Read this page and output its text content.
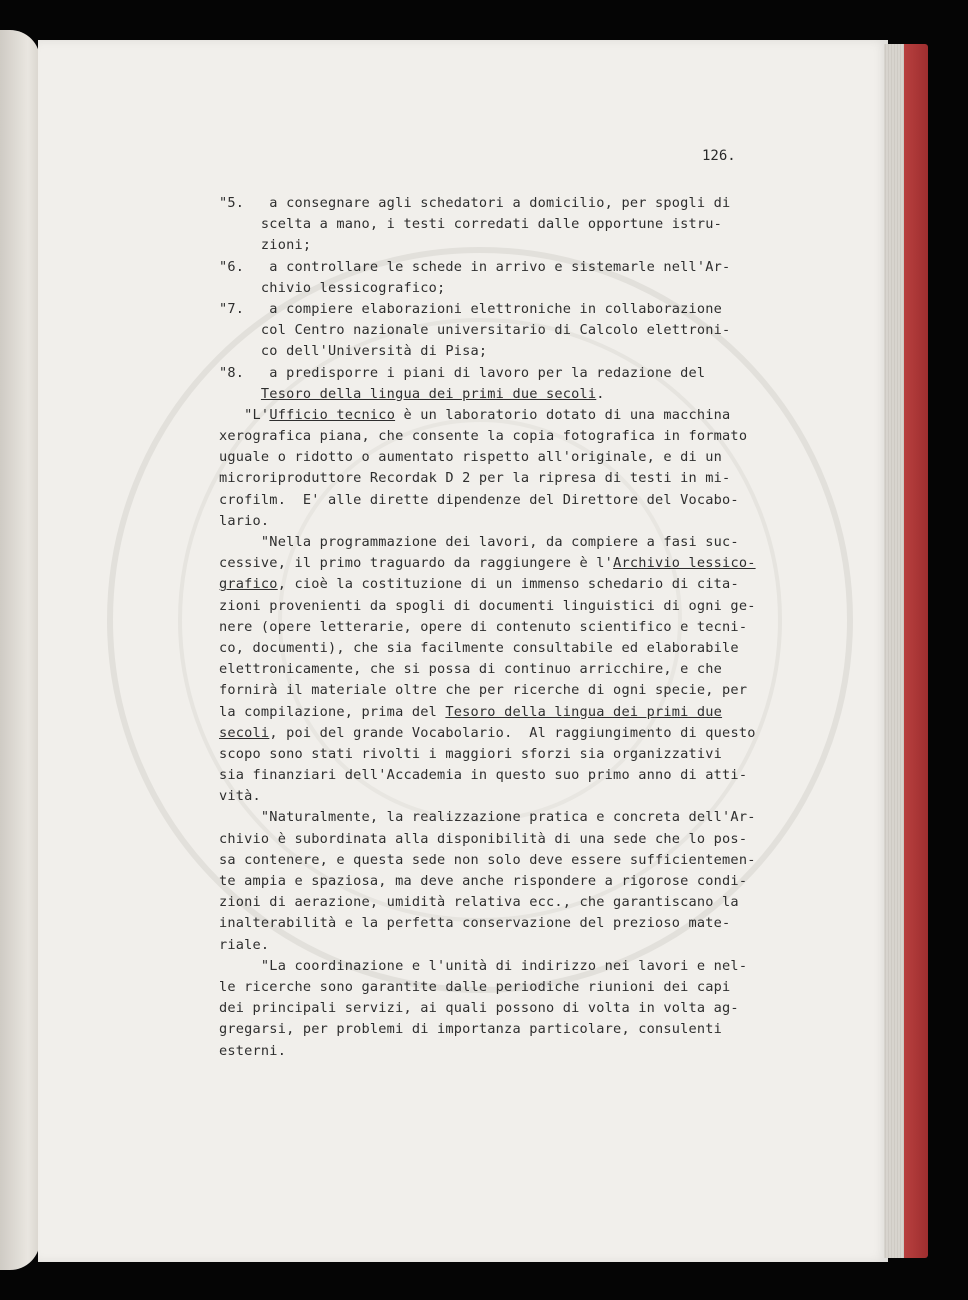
126.
"5.   a consegnare agli schedatori a domicilio, per spogli di
scelta a mano, i testi corredati dalle opportune istru-
zioni;
"6.   a controllare le schede in arrivo e sistemarle nell'Ar-
chivio lessicografico;
"7.   a compiere elaborazioni elettroniche in collaborazione
col Centro nazionale universitario di Calcolo elettroni-
co dell'Università di Pisa;
"8.   a predisporre i piani di lavoro per la redazione del
Tesoro della lingua dei primi due secoli.
"L'Ufficio tecnico è un laboratorio dotato di una macchina
xerografica piana, che consente la copia fotografica in formato
uguale o ridotto o aumentato rispetto all'originale, e di un
microriproduttore Recordak D 2 per la ripresa di testi in mi-
crofilm.  E' alle dirette dipendenze del Direttore del Vocabo-
lario.
"Nella programmazione dei lavori, da compiere a fasi suc-
cessive, il primo traguardo da raggiungere è l'Archivio lessico-
grafico, cioè la costituzione di un immenso schedario di cita-
zioni provenienti da spogli di documenti linguistici di ogni ge-
nere (opere letterarie, opere di contenuto scientifico e tecni-
co, documenti), che sia facilmente consultabile ed elaborabile
elettronicamente, che si possa di continuo arricchire, e che
fornirà il materiale oltre che per ricerche di ogni specie, per
la compilazione, prima del Tesoro della lingua dei primi due
secoli, poi del grande Vocabolario.  Al raggiungimento di questo
scopo sono stati rivolti i maggiori sforzi sia organizzativi
sia finanziari dell'Accademia in questo suo primo anno di atti-
vità.
"Naturalmente, la realizzazione pratica e concreta dell'Ar-
chivio è subordinata alla disponibilità di una sede che lo pos-
sa contenere, e questa sede non solo deve essere sufficientemen-
te ampia e spaziosa, ma deve anche rispondere a rigorose condi-
zioni di aerazione, umidità relativa ecc., che garantiscano la
inalterabilità e la perfetta conservazione del prezioso mate-
riale.
"La coordinazione e l'unità di indirizzo nei lavori e nel-
le ricerche sono garantite dalle periodiche riunioni dei capi
dei principali servizi, ai quali possono di volta in volta ag-
gregarsi, per problemi di importanza particolare, consulenti
esterni.
